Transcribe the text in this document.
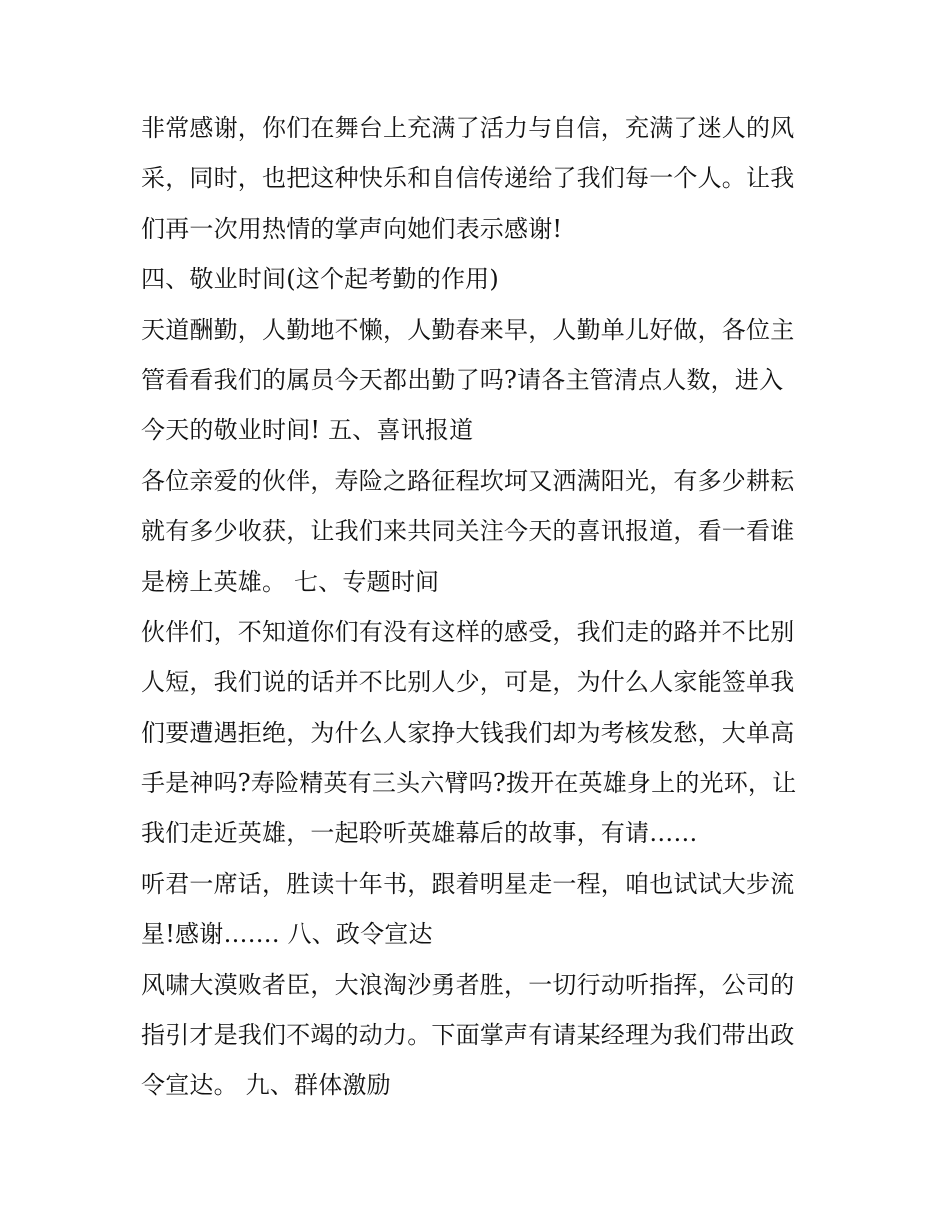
非常感谢，你们在舞台上充满了活力与自信，充满了迷人的风
采，同时，也把这种快乐和自信传递给了我们每一个人。让我
们再一次用热情的掌声向她们表示感谢!
四、敬业时间(这个起考勤的作用)
天道酬勤，人勤地不懒，人勤春来早，人勤单儿好做，各位主
管看看我们的属员今天都出勤了吗?请各主管清点人数，进入
今天的敬业时间! 五、喜讯报道
各位亲爱的伙伴，寿险之路征程坎坷又洒满阳光，有多少耕耘
就有多少收获，让我们来共同关注今天的喜讯报道，看一看谁
是榜上英雄。 七、专题时间
伙伴们，不知道你们有没有这样的感受，我们走的路并不比别
人短，我们说的话并不比别人少，可是，为什么人家能签单我
们要遭遇拒绝，为什么人家挣大钱我们却为考核发愁，大单高
手是神吗?寿险精英有三头六臂吗?拨开在英雄身上的光环，让
我们走近英雄，一起聆听英雄幕后的故事，有请……
听君一席话，胜读十年书，跟着明星走一程，咱也试试大步流
星!感谢……. 八、政令宣达
风啸大漠败者臣，大浪淘沙勇者胜，一切行动听指挥，公司的
指引才是我们不竭的动力。下面掌声有请某经理为我们带出政
令宣达。 九、群体激励
